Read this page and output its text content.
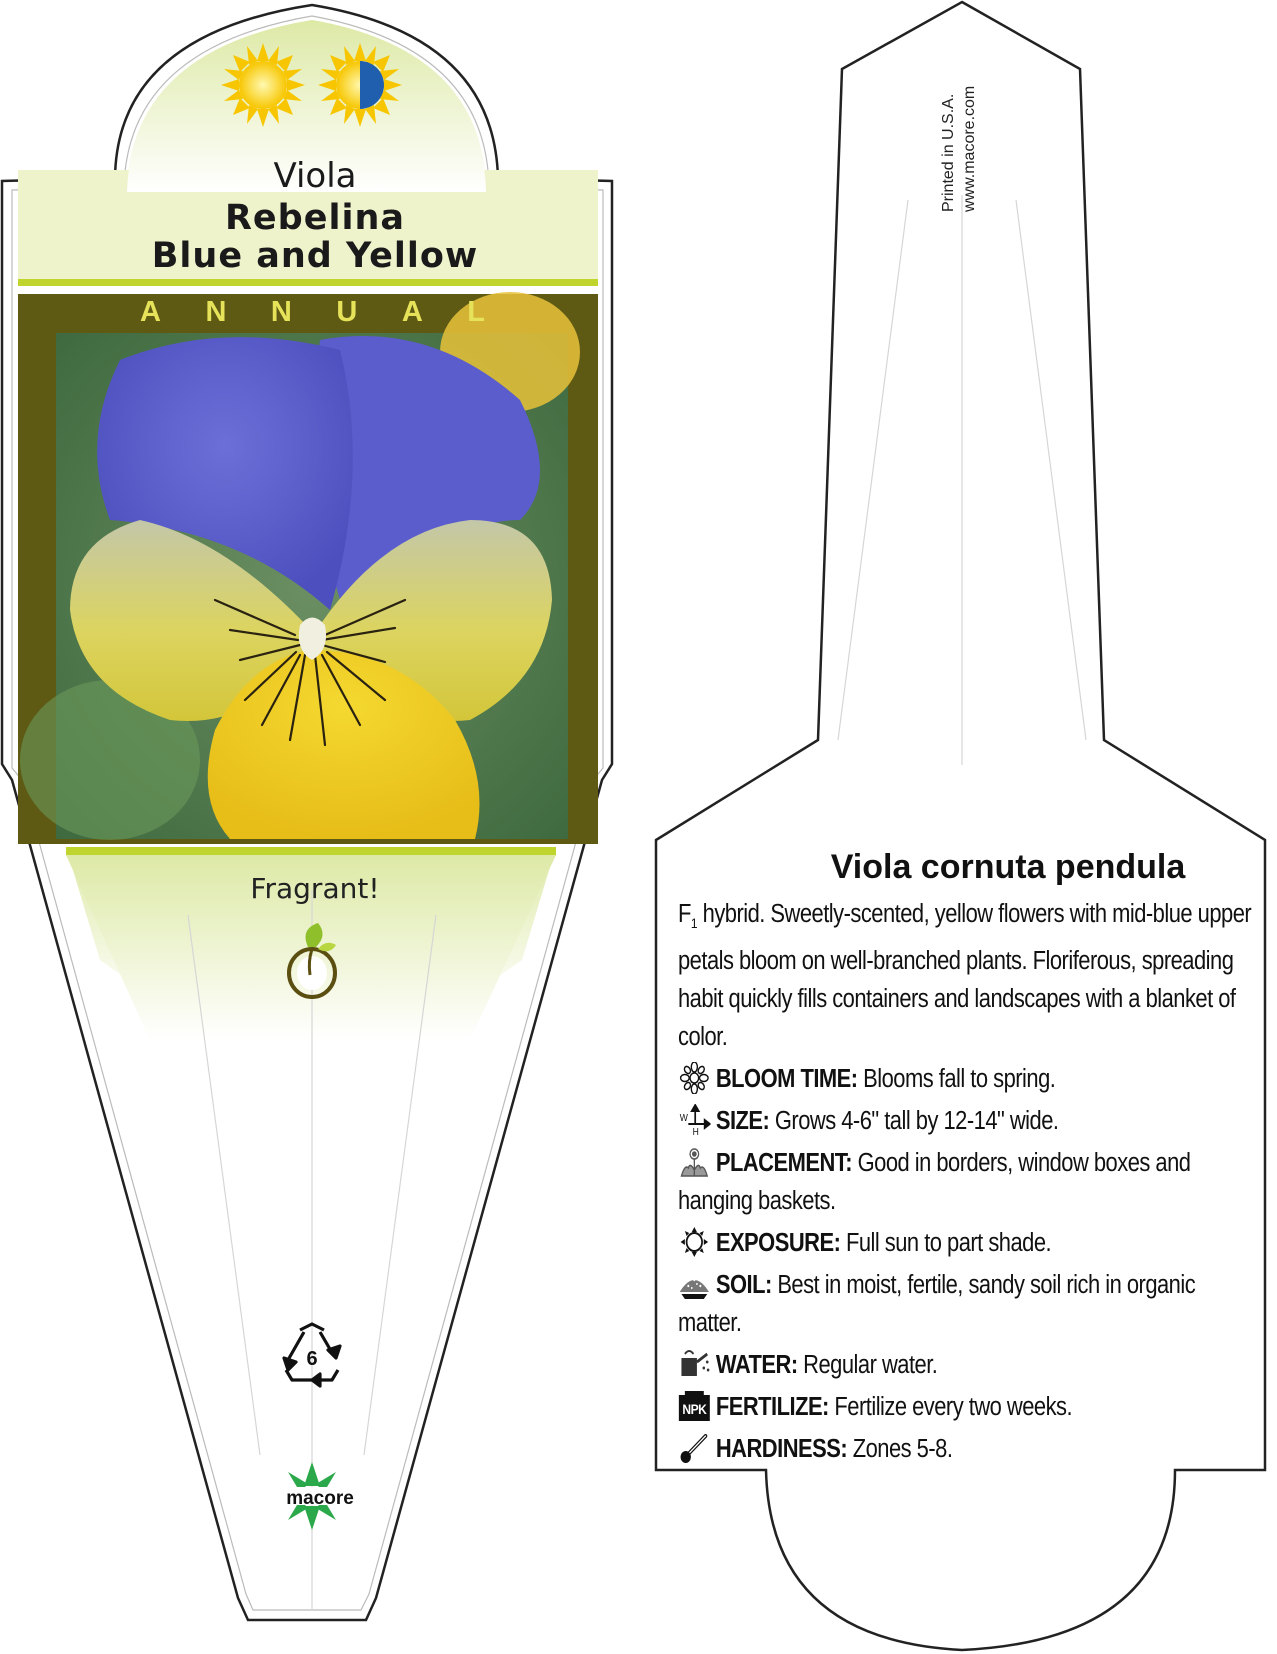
Viola
Rebelina
Blue and Yellow
A N N U A L
Fragrant!
6
macore
Printed in U.S.A. www.macore.com
Viola cornuta pendula
$F_1$ hybrid. Sweetly-scented, yellow flowers with mid-blue upper petals bloom on well-branched plants. Floriferous, spreading habit quickly fills containers and landscapes with a blanket of color.
BLOOM TIME: Blooms fall to spring.
W
H SIZE: Grows 4-6" tall by 12-14" wide.
PLACEMENT: Good in borders, window boxes and hanging baskets.
EXPOSURE: Full sun to part shade.
SOIL: Best in moist, fertile, sandy soil rich in organic matter.
WATER: Regular water.
NPK FERTILIZE: Fertilize every two weeks.
HARDINESS: Zones 5-8.
